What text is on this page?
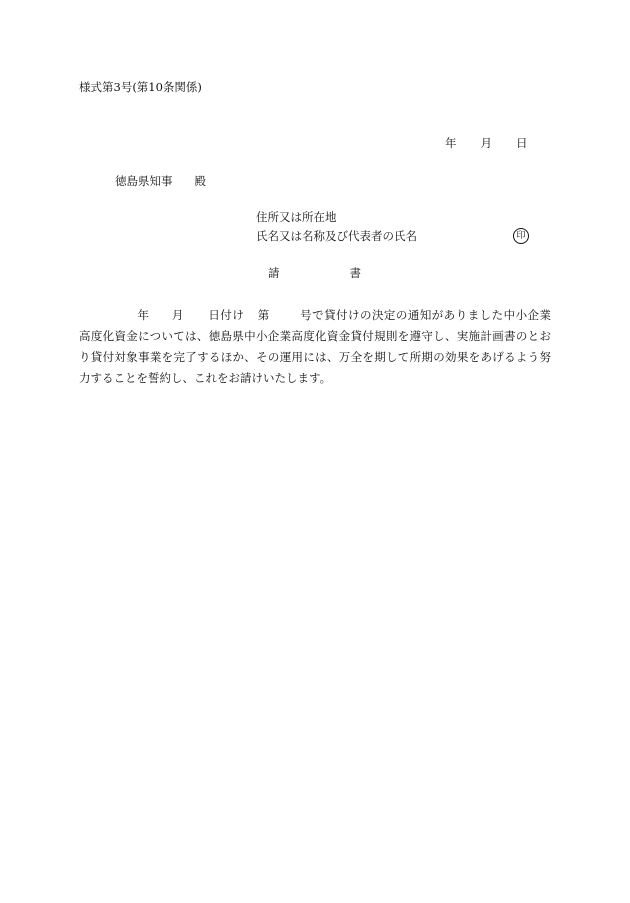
様式第3号(第10条関係)
年 月 日
徳島県知事 殿
住所又は所在地
氏名又は名称及び代表者の氏名	印
請	書
年 月 日付け 第	号で貸付けの決定の通知がありました中小企業
高度化資金については、徳島県中小企業高度化資金貸付規則を遵守し、実施計画書のとお
り貸付対象事業を完了するほか、その運用には、万全を期して所期の効果をあげるよう努
力することを誓約し、これをお請けいたします。
